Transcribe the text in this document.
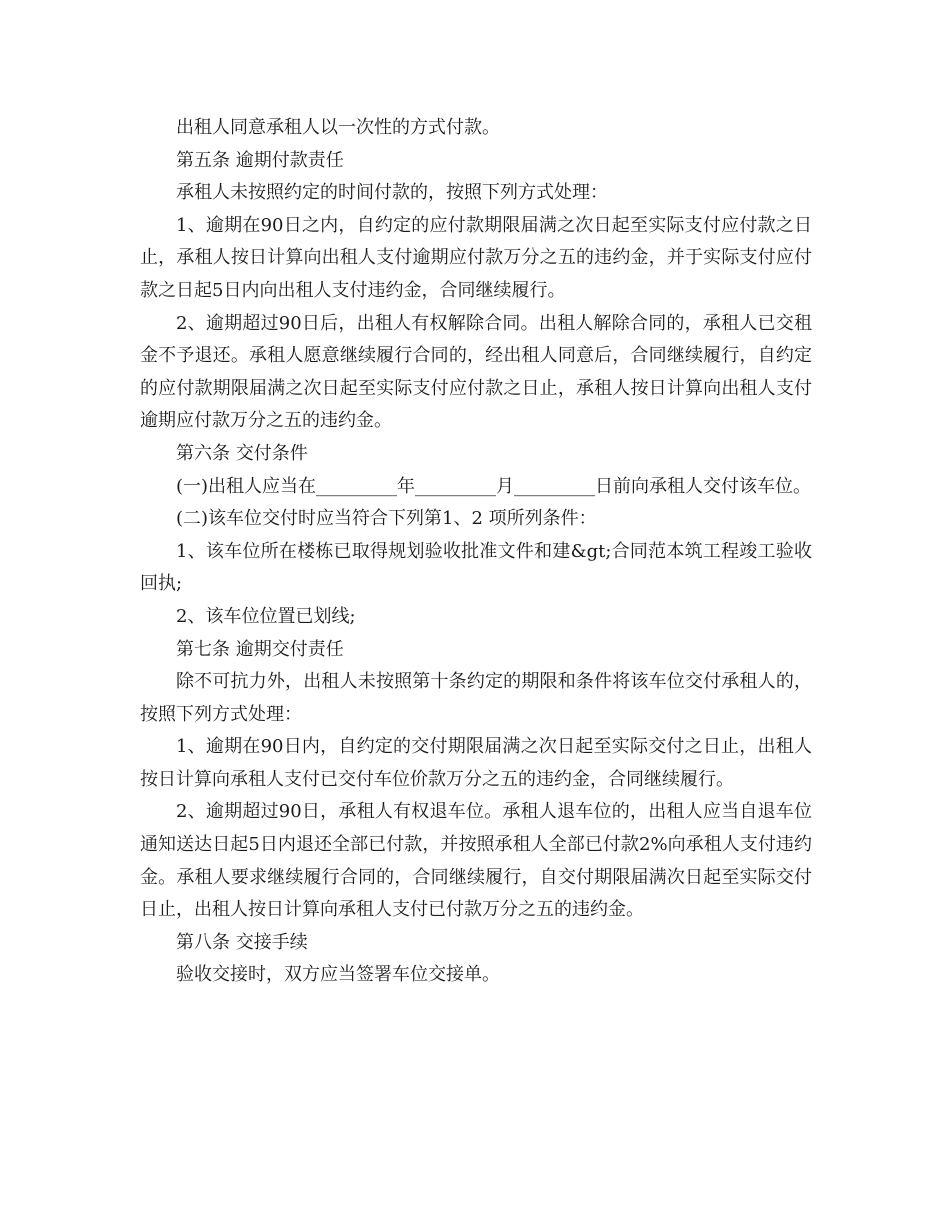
出租人同意承租人以一次性的方式付款。

第五条 逾期付款责任

承租人未按照约定的时间付款的，按照下列方式处理：

1、逾期在90日之内，自约定的应付款期限届满之次日起至实际支付应付款之日止，承租人按日计算向出租人支付逾期应付款万分之五的违约金，并于实际支付应付款之日起5日内向出租人支付违约金，合同继续履行。

2、逾期超过90日后，出租人有权解除合同。出租人解除合同的，承租人已交租金不予退还。承租人愿意继续履行合同的，经出租人同意后，合同继续履行，自约定的应付款期限届满之次日起至实际支付应付款之日止，承租人按日计算向出租人支付逾期应付款万分之五的违约金。

第六条 交付条件

(一)出租人应当在_________年_________月_________日前向承租人交付该车位。

(二)该车位交付时应当符合下列第1、2 项所列条件：

1、该车位所在楼栋已取得规划验收批准文件和建&gt;合同范本筑工程竣工验收回执;

2、该车位位置已划线;

第七条 逾期交付责任

除不可抗力外，出租人未按照第十条约定的期限和条件将该车位交付承租人的，按照下列方式处理：

1、逾期在90日内，自约定的交付期限届满之次日起至实际交付之日止，出租人按日计算向承租人支付已交付车位价款万分之五的违约金，合同继续履行。

2、逾期超过90日，承租人有权退车位。承租人退车位的，出租人应当自退车位通知送达日起5日内退还全部已付款，并按照承租人全部已付款2%向承租人支付违约金。承租人要求继续履行合同的，合同继续履行，自交付期限届满次日起至实际交付日止，出租人按日计算向承租人支付已付款万分之五的违约金。

第八条 交接手续

验收交接时，双方应当签署车位交接单。
